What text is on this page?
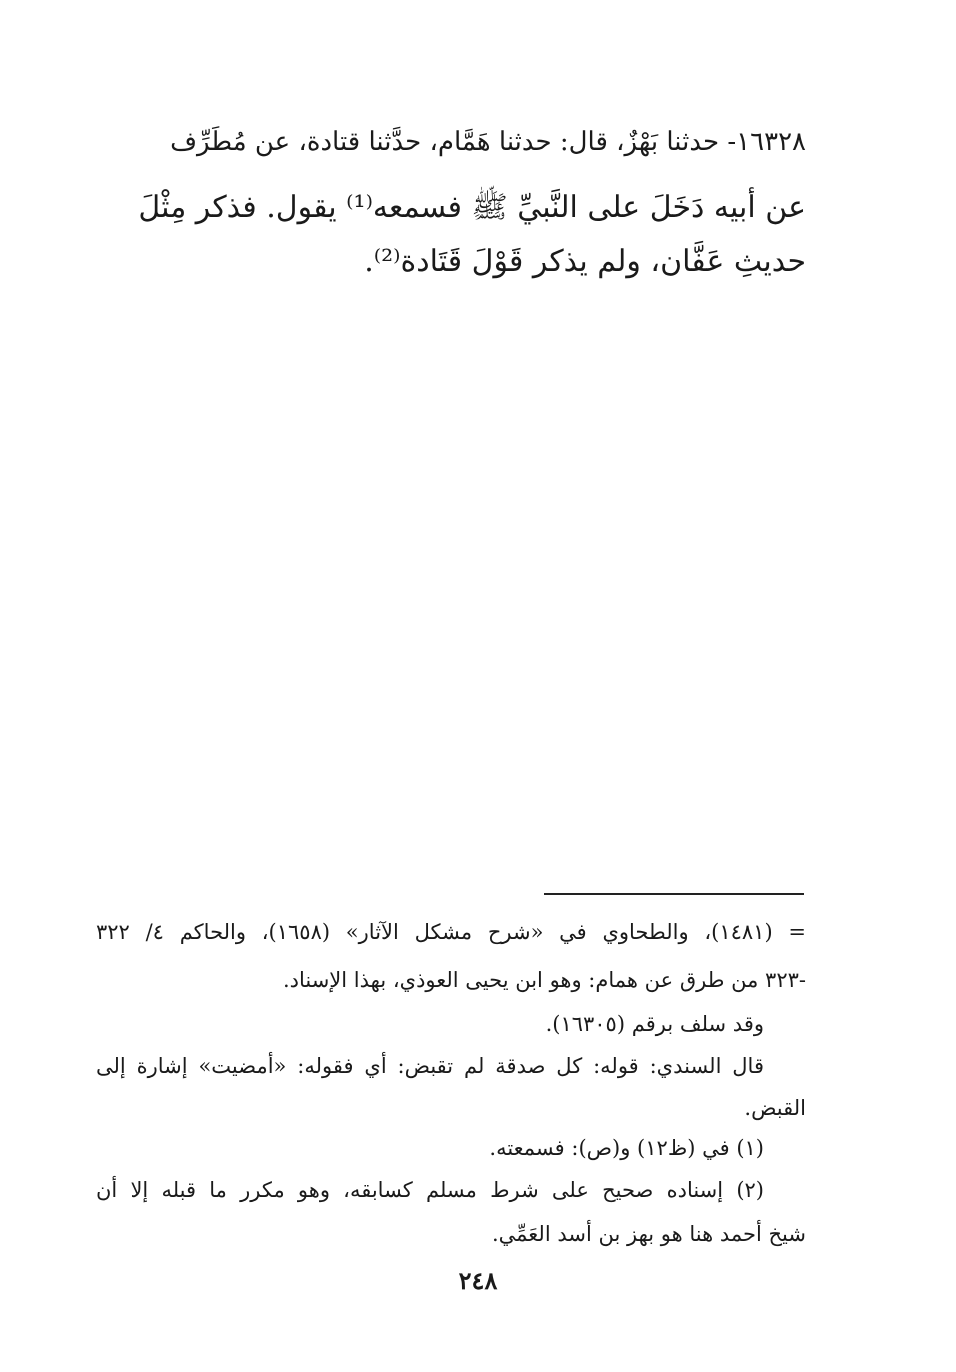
١٦٣٢٨- حدثنا بَهْزٌ، قال: حدثنا هَمَّام، حدَّثنا قتادة، عن مُطَرِّف
عن أبيه دَخَلَ على النَّبيِّ ﷺ فسمعه⁽¹⁾ يقول. فذكر مِثْلَ
حديثِ عَفَّان، ولم يذكر قَوْلَ قَتَادة⁽²⁾.
= (١٤٨١)، والطحاوي في «شرح مشكل الآثار» (١٦٥٨)، والحاكم ٤/ ٣٢٢
-٣٢٣ من طرق عن همام: وهو ابن يحيى العوذي، بهذا الإسناد.
وقد سلف برقم (١٦٣٠٥).
قال السندي: قوله: كل صدقة لم تقبض: أي فقوله: «أمضيت» إشارة إلى
القبض.
(١) في (ظ١٢) و(ص): فسمعته.
(٢) إسناده صحيح على شرط مسلم كسابقه، وهو مكرر ما قبله إلا أن
شيخ أحمد هنا هو بهز بن أسد العَمِّي.
٢٤٨
